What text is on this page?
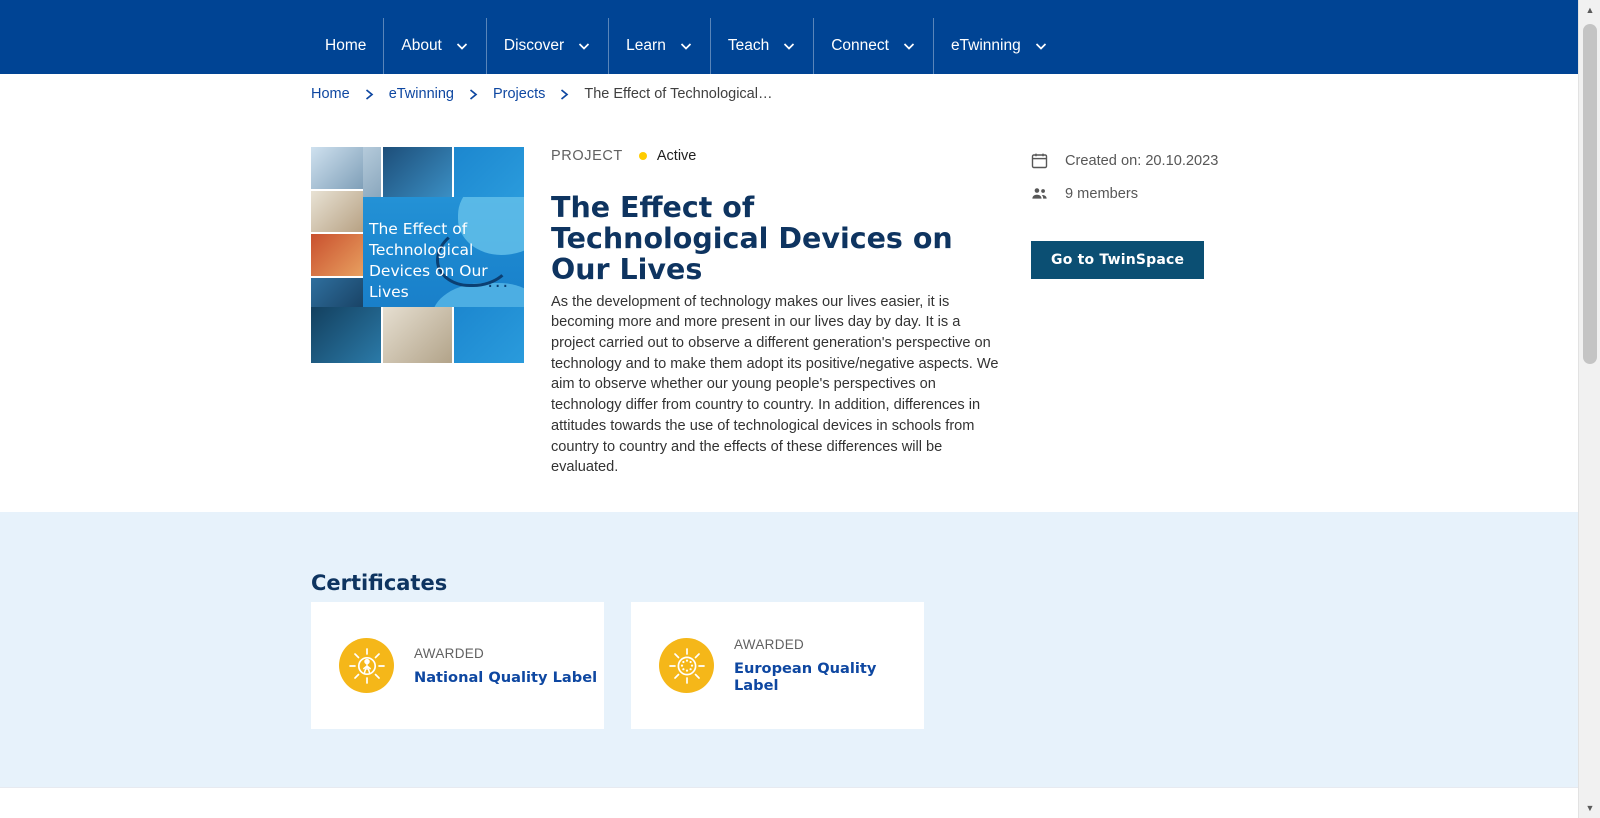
Home About	Discover	Learn	Teach	Connect	eTwinning
Home	eTwinning	Projects	The Effect of Technological…
The Effect of Technological Devices on Our Lives	...
PROJECT Active
The Effect of Technological Devices on Our Lives

As the development of technology makes our lives easier, it is becoming more and more present in our lives day by day. It is a project carried out to observe a different generation's perspective on technology and to make them adopt its positive/negative aspects. We aim to observe whether our young people's perspectives on technology differ from country to country. In addition, differences in attitudes towards the use of technological devices in schools from country to country and the effects of these differences will be evaluated.

Created on: 20.10.2023
9 members
Go to TwinSpace
Certificates
AWARDED
National Quality Label
AWARDED
European Quality Label
▲
▼
